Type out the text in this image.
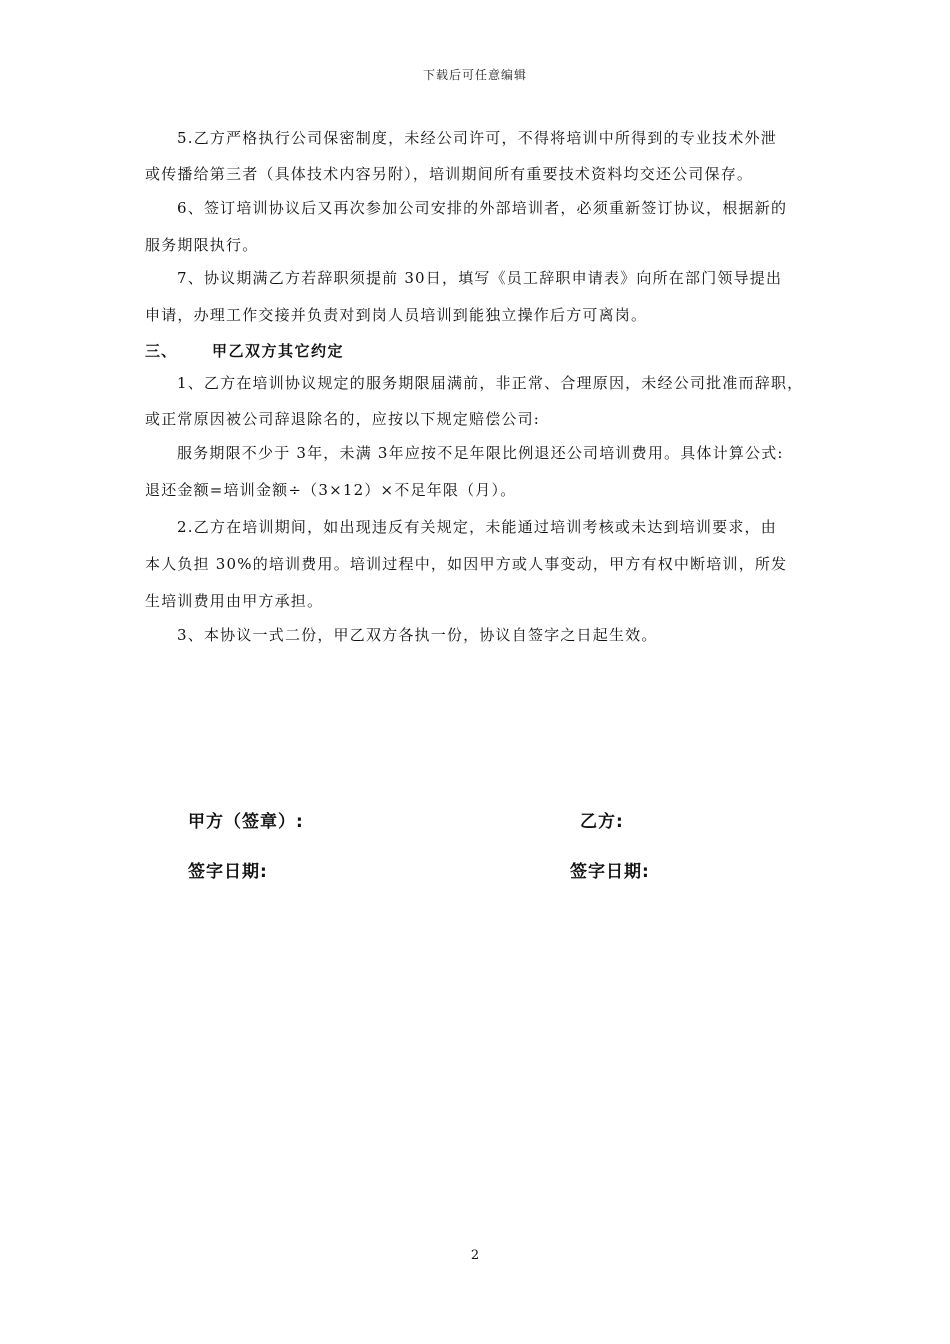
下载后可任意编辑

5.乙方严格执行公司保密制度，未经公司许可，不得将培训中所得到的专业技术外泄

或传播给第三者（具体技术内容另附），培训期间所有重要技术资料均交还公司保存。

6、签订培训协议后又再次参加公司安排的外部培训者，必须重新签订协议，根据新的

服务期限执行。

7、协议期满乙方若辞职须提前 30日，填写《员工辞职申请表》向所在部门领导提出

申请，办理工作交接并负责对到岗人员培训到能独立操作后方可离岗。

三、 甲乙双方其它约定

1、乙方在培训协议规定的服务期限届满前，非正常、合理原因，未经公司批准而辞职，

或正常原因被公司辞退除名的，应按以下规定赔偿公司:

服务期限不少于 3年，未满 3年应按不足年限比例退还公司培训费用。具体计算公式:

退还金额=培训金额÷（3×12）×不足年限（月）。

2.乙方在培训期间，如出现违反有关规定，未能通过培训考核或未达到培训要求，由

本人负担 30%的培训费用。培训过程中，如因甲方或人事变动，甲方有权中断培训，所发

生培训费用由甲方承担。

3、本协议一式二份，甲乙双方各执一份，协议自签字之日起生效。

甲方（签章）:	乙方:
签字日期:	签字日期:
2
